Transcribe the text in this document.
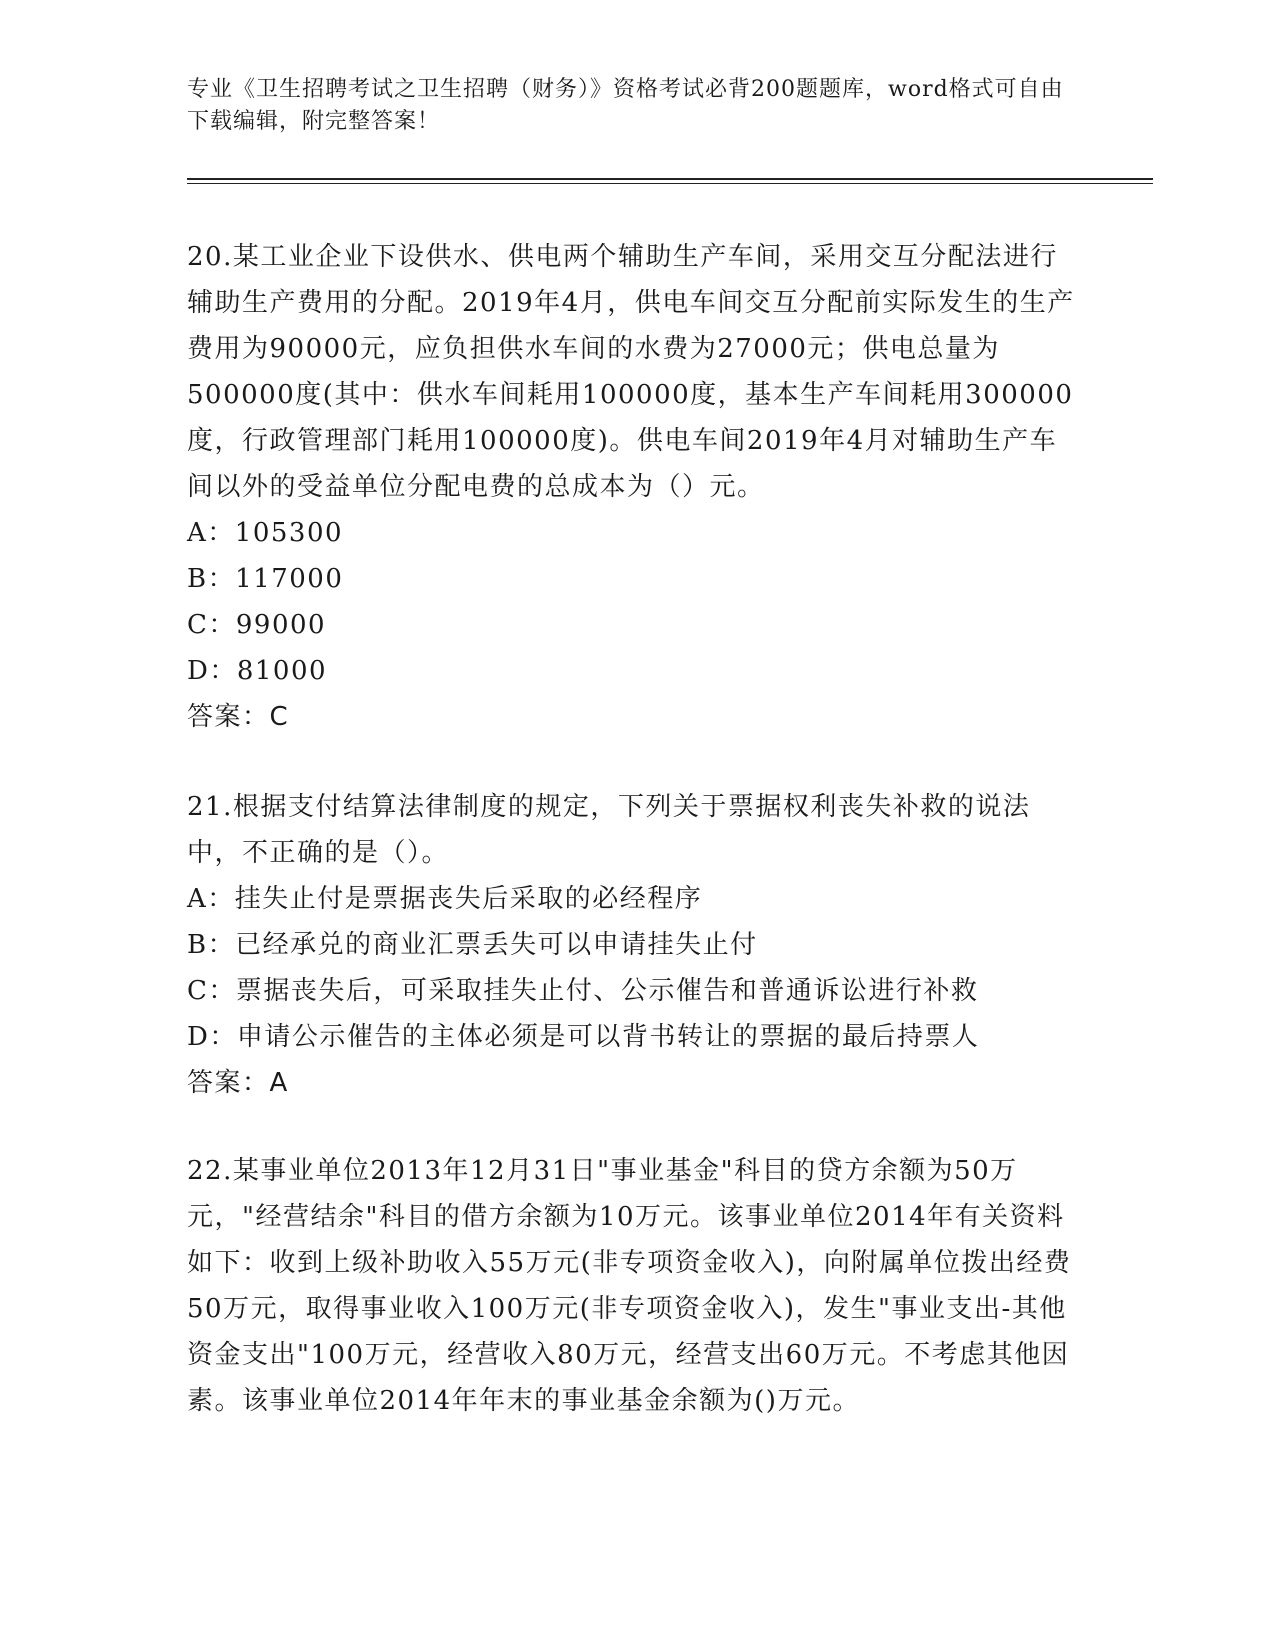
专业《卫生招聘考试之卫生招聘（财务）》资格考试必背200题题库，word格式可自由下载编辑，附完整答案！
20.某工业企业下设供水、供电两个辅助生产车间，采用交互分配法进行辅助生产费用的分配。2019年4月，供电车间交互分配前实际发生的生产费用为90000元，应负担供水车间的水费为27000元；供电总量为500000度(其中：供水车间耗用100000度，基本生产车间耗用300000度，行政管理部门耗用100000度)。供电车间2019年4月对辅助生产车间以外的受益单位分配电费的总成本为（）元。
A：105300
B：117000
C：99000
D：81000
答案：C
21.根据支付结算法律制度的规定，下列关于票据权利丧失补救的说法中，不正确的是（）。
A：挂失止付是票据丧失后采取的必经程序
B：已经承兑的商业汇票丢失可以申请挂失止付
C：票据丧失后，可采取挂失止付、公示催告和普通诉讼进行补救
D：申请公示催告的主体必须是可以背书转让的票据的最后持票人
答案：A
22.某事业单位2013年12月31日"事业基金"科目的贷方余额为50万元，"经营结余"科目的借方余额为10万元。该事业单位2014年有关资料如下：收到上级补助收入55万元(非专项资金收入)，向附属单位拨出经费50万元，取得事业收入100万元(非专项资金收入)，发生"事业支出-其他资金支出"100万元，经营收入80万元，经营支出60万元。不考虑其他因素。该事业单位2014年年末的事业基金余额为()万元。
